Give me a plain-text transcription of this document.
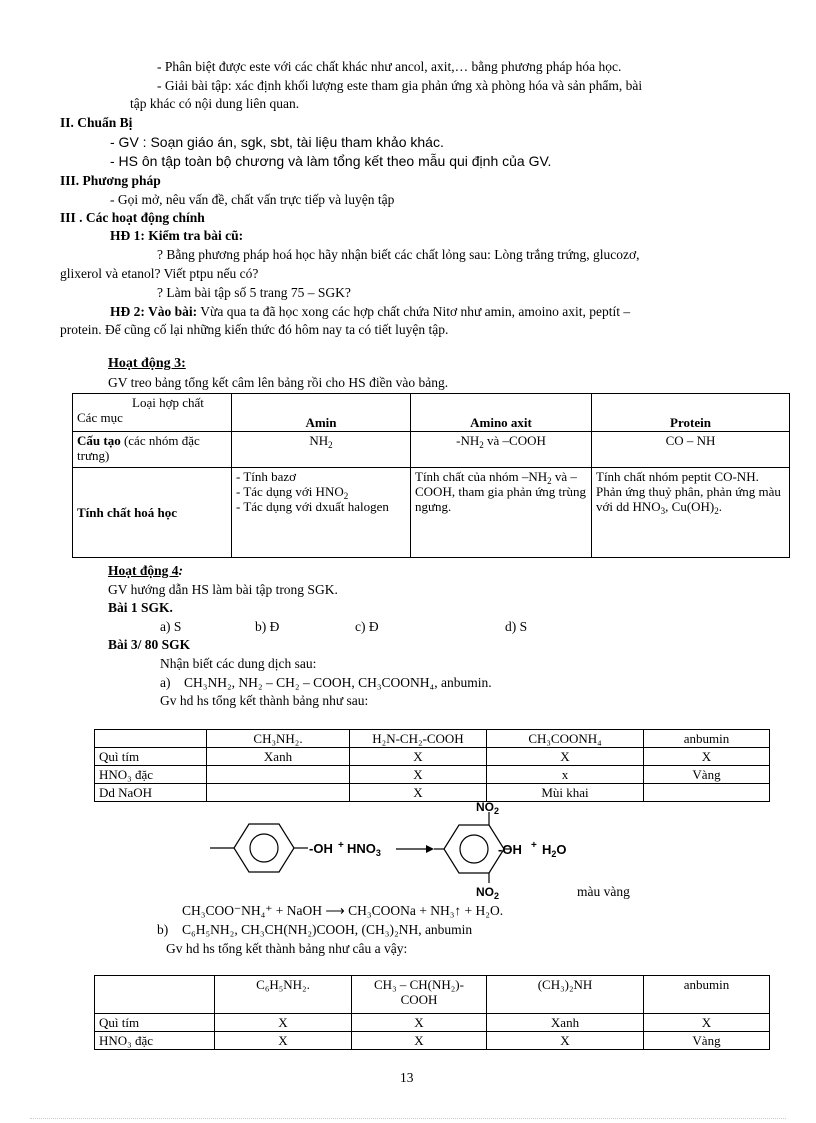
- Phân biệt được este với các chất khác như ancol, axit,… bằng phương pháp hóa học.
- Giải bài tập: xác định khối lượng este tham gia phản ứng xà phòng hóa và sản phẩm, bài
tập khác có nội dung liên quan.
II. Chuẩn Bị
- GV : Soạn giáo án, sgk, sbt, tài liệu tham khảo khác.
- HS ôn tập toàn bộ chương và làm tổng kết theo mẫu qui định của GV.
III. Phương pháp
- Gọi mở, nêu vấn đề, chất vấn trực tiếp và luyện tập
III . Các hoạt động chính
HĐ 1: Kiểm tra bài cũ:
? Bằng phương pháp hoá học hãy nhận biết các chất lỏng sau: Lòng trắng trứng, glucozơ,
glixerol và etanol? Viết ptpu nếu có?
? Làm bài tập số 5 trang 75 – SGK?
HĐ 2: Vào bài: Vừa qua ta đã học xong các hợp chất chứa Nitơ như amin, amoino axit, peptít –
protein. Để cũng cố lại những kiến thức đó hôm nay ta có tiết luyện tập.
Hoạt động 3:
GV treo bảng tổng kết câm lên bảng rồi cho HS điền vào bảng.
Loại hợp chất
Các mục	Amin	Amino axit	Protein
Cấu tạo (các nhóm đặc trưng)	$NH_2$	$-NH_2$ và –COOH	CO – NH
Tính chất hoá học	- Tính bazơ
- Tác dụng với $HNO_2$
- Tác dụng với dxuất halogen	Tính chất của nhóm $-NH_2$ và –COOH, tham gia phản ứng trùng ngưng.	Tính chất nhóm peptit CO-NH. Phản ứng thuỷ phân, phản ứng màu với dd $HNO_3$, $Cu(OH)_2$.
Hoạt động 4:
GV hướng dẫn HS làm bài tập trong SGK.
Bài 1 SGK.
a) S	b) Đ	c) Đ	d) S
Bài 3/ 80 SGK
Nhận biết các dung dịch sau:
a) CH₃NH₂, NH₂ – CH₂ – COOH, CH₃COONH₄, anbumin.
Gv hd hs tổng kết thành bảng như sau:
	CH₃NH₂.	H₂N-CH₂-COOH	CH₃COONH₄	anbumin
Quì tím	Xanh	X	X	X
HNO₃ đặc		X	x	Vàng
Dd NaOH		X	Mùi khai	
$-OH + HNO_3$
$NO_2$
$NO_2$
$-OH + H_2O$
màu vàng
CH₃COO⁻NH₄⁺ + NaOH ⟶ CH₃COONa + NH₃↑ + H₂O.
b) C₆H₅NH₂, CH₃CH(NH₂)COOH, (CH₃)₂NH, anbumin
Gv hd hs tổng kết thành bảng như câu a vậy:
	C₆H₅NH₂.	CH₃ – CH(NH₂)-COOH	(CH₃)₂NH	anbumin
Quì tím	X	X	Xanh	X
HNO₃ đặc	X	X	X	Vàng
13
